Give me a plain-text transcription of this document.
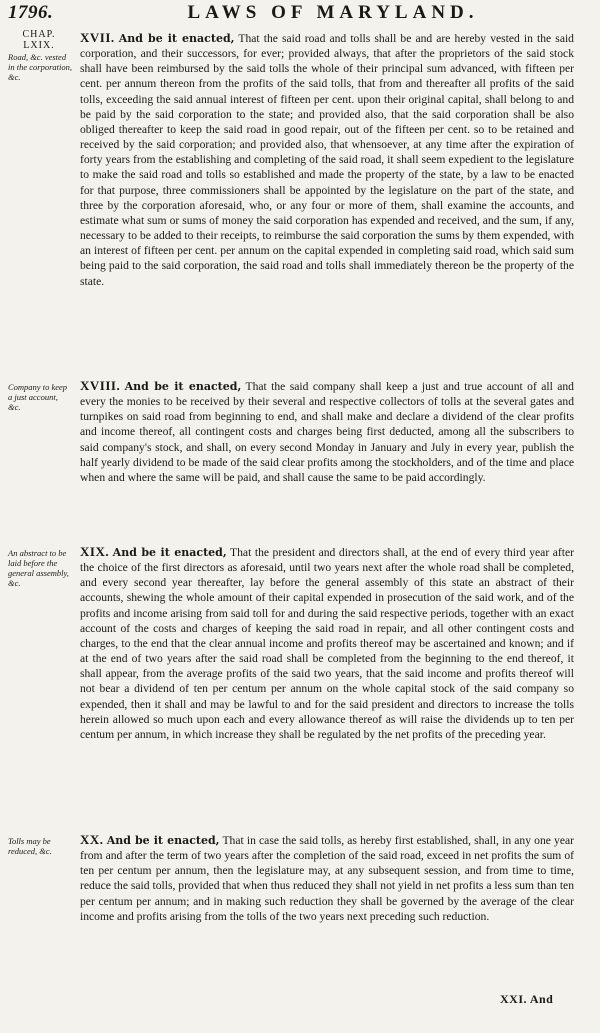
1796.	LAWS OF MARYLAND.
CHAP.
LXIX.
Road, &c. vested in the corporation, &c.
Company to keep a just account, &c.
An abstract to be laid before the general assembly, &c.
Tolls may be reduced, &c.
XVII. And be it enacted, That the said road and tolls shall be and are hereby vested in the said corporation, and their successors, for ever; provided always, that after the proprietors of the said stock shall have been reimbursed by the said tolls the whole of their principal sum advanced, with fifteen per cent. per annum thereon from the profits of the said tolls, that from and thereafter all profits of the said tolls, exceeding the said annual interest of fifteen per cent. upon their original capital, shall belong to and be paid by the said corporation to the state; and provided also, that the said corporation shall be also obliged thereafter to keep the said road in good repair, out of the fifteen per cent. so to be retained and received by the said corporation; and provided also, that whensoever, at any time after the expiration of forty years from the establishing and completing of the said road, it shall seem expedient to the legislature to make the said road and tolls so established and made the property of the state, by a law to be enacted for that purpose, three commissioners shall be appointed by the legislature on the part of the state, and three by the corporation aforesaid, who, or any four or more of them, shall examine the accounts, and estimate what sum or sums of money the said corporation has expended and received, and the sum, if any, necessary to be added to their receipts, to reimburse the said corporation the sums by them expended, with an interest of fifteen per cent. per annum on the capital expended in completing said road, which said sum being paid to the said corporation, the said road and tolls shall immediately thereon be the property of the state.
XVIII. And be it enacted, That the said company shall keep a just and true account of all and every the monies to be received by their several and respective collectors of tolls at the several gates and turnpikes on said road from beginning to end, and shall make and declare a dividend of the clear profits and income thereof, all contingent costs and charges being first deducted, among all the subscribers to said company's stock, and shall, on every second Monday in January and July in every year, publish the half yearly dividend to be made of the said clear profits among the stockholders, and of the time and place when and where the same will be paid, and shall cause the same to be paid accordingly.
XIX. And be it enacted, That the president and directors shall, at the end of every third year after the choice of the first directors as aforesaid, until two years next after the whole road shall be completed, and every second year thereafter, lay before the general assembly of this state an abstract of their accounts, shewing the whole amount of their capital expended in prosecution of the said work, and of the profits and income arising from said toll for and during the said respective periods, together with an exact account of the costs and charges of keeping the said road in repair, and all other contingent costs and charges, to the end that the clear annual income and profits thereof may be ascertained and known; and if at the end of two years after the said road shall be completed from the beginning to the end thereof, it shall appear, from the average profits of the said two years, that the said income and profits thereof will not bear a dividend of ten per centum per annum on the whole capital stock of the said company so expended, then it shall and may be lawful to and for the said president and directors to increase the tolls herein allowed so much upon each and every allowance thereof as will raise the dividends up to ten per centum per annum, in which increase they shall be regulated by the net profits of the preceding year.
XX. And be it enacted, That in case the said tolls, as hereby first established, shall, in any one year from and after the term of two years after the completion of the said road, exceed in net profits the sum of ten per centum per annum, then the legislature may, at any subsequent session, and from time to time, reduce the said tolls, provided that when thus reduced they shall not yield in net profits a less sum than ten per centum per annum; and in making such reduction they shall be governed by the average of the clear income and profits arising from the tolls of the two years next preceding such reduction.
XXI. And
